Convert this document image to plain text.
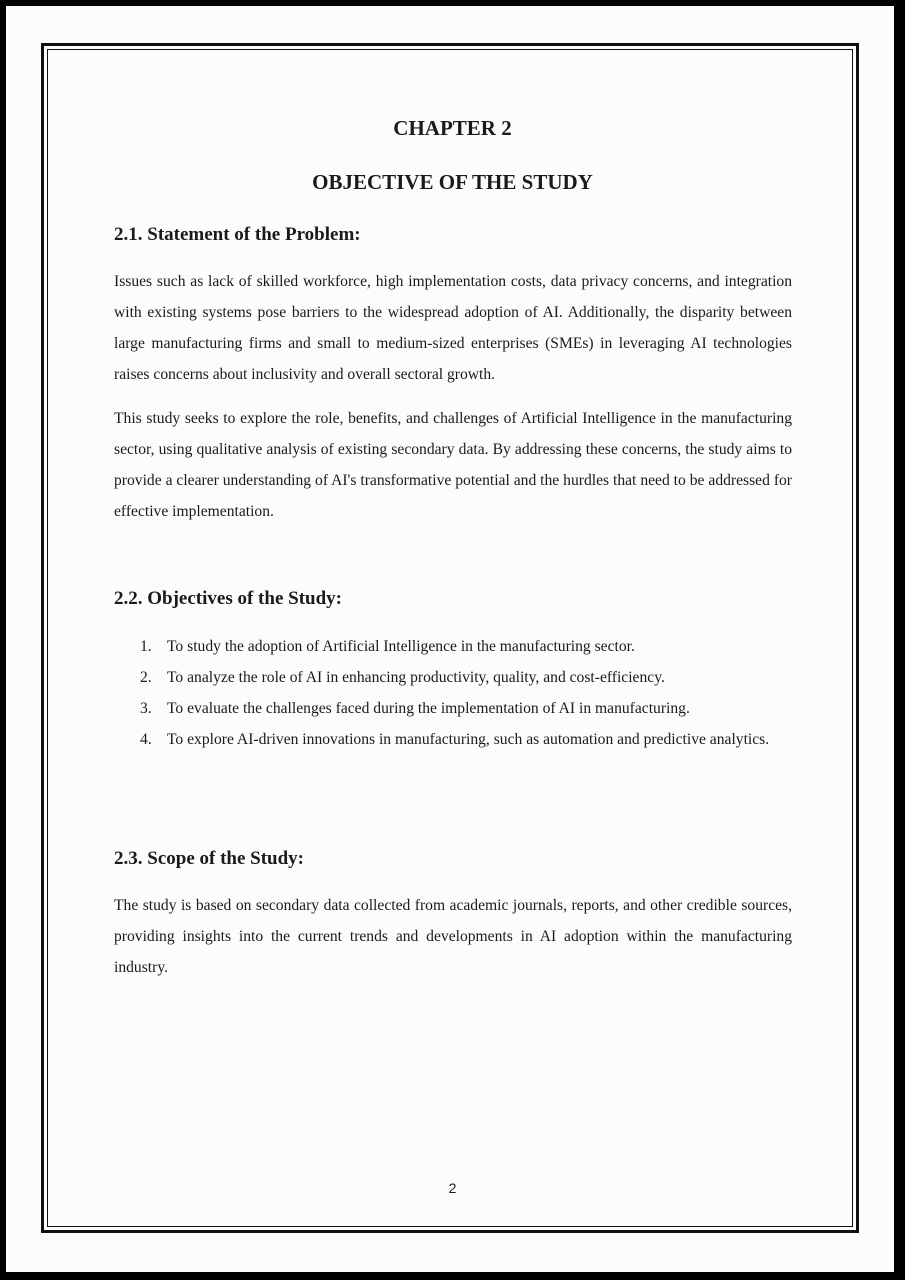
CHAPTER 2
OBJECTIVE OF THE STUDY
2.1. Statement of the Problem:

Issues such as lack of skilled workforce, high implementation costs, data privacy concerns, and integration with existing systems pose barriers to the widespread adoption of AI. Additionally, the disparity between large manufacturing firms and small to medium-sized enterprises (SMEs) in leveraging AI technologies raises concerns about inclusivity and overall sectoral growth.

This study seeks to explore the role, benefits, and challenges of Artificial Intelligence in the manufacturing sector, using qualitative analysis of existing secondary data. By addressing these concerns, the study aims to provide a clearer understanding of AI's transformative potential and the hurdles that need to be addressed for effective implementation.

2.2. Objectives of the Study:
1. To study the adoption of Artificial Intelligence in the manufacturing sector.
2. To analyze the role of AI in enhancing productivity, quality, and cost-efficiency.
3. To evaluate the challenges faced during the implementation of AI in manufacturing.
4. To explore AI-driven innovations in manufacturing, such as automation and predictive analytics.
2.3. Scope of the Study:

The study is based on secondary data collected from academic journals, reports, and other credible sources, providing insights into the current trends and developments in AI adoption within the manufacturing industry.

2
